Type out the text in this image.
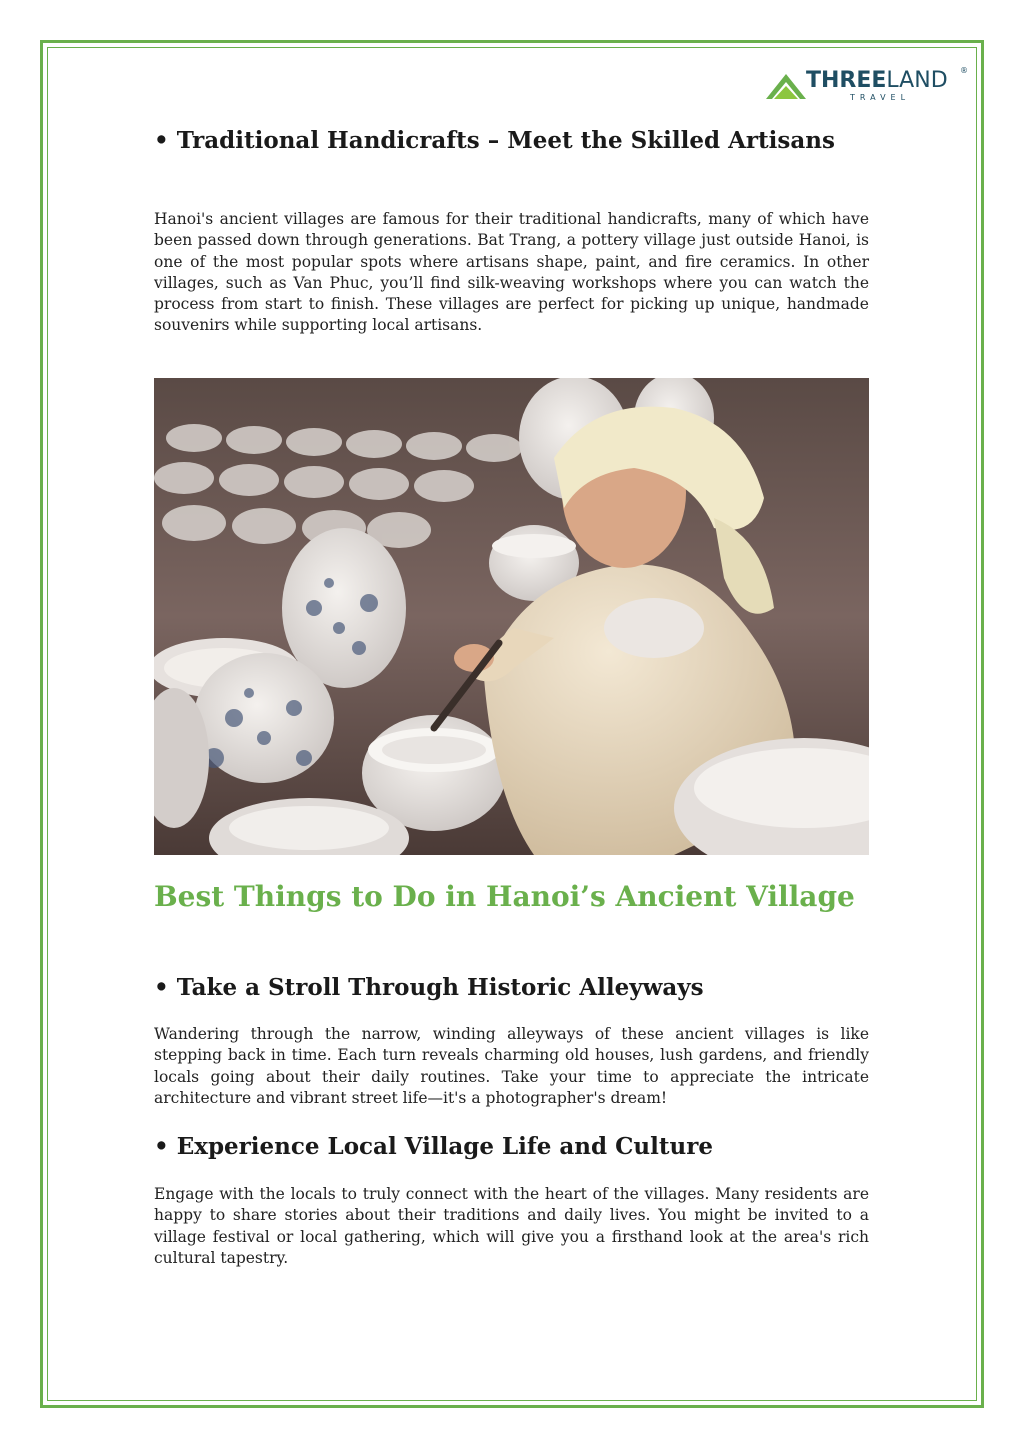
THREELAND ®
TRAVEL
• Traditional Handicrafts – Meet the Skilled Artisans

Hanoi's ancient villages are famous for their traditional handicrafts, many of which have been passed down through generations. Bat Trang, a pottery village just outside Hanoi, is one of the most popular spots where artisans shape, paint, and fire ceramics. In other villages, such as Van Phuc, you’ll find silk-weaving workshops where you can watch the process from start to finish. These villages are perfect for picking up unique, handmade souvenirs while supporting local artisans.

Best Things to Do in Hanoi’s Ancient Village
• Take a Stroll Through Historic Alleyways

Wandering through the narrow, winding alleyways of these ancient villages is like stepping back in time. Each turn reveals charming old houses, lush gardens, and friendly locals going about their daily routines. Take your time to appreciate the intricate architecture and vibrant street life—it's a photographer's dream!

• Experience Local Village Life and Culture

Engage with the locals to truly connect with the heart of the villages. Many residents are happy to share stories about their traditions and daily lives. You might be invited to a village festival or local gathering, which will give you a firsthand look at the area's rich cultural tapestry.
